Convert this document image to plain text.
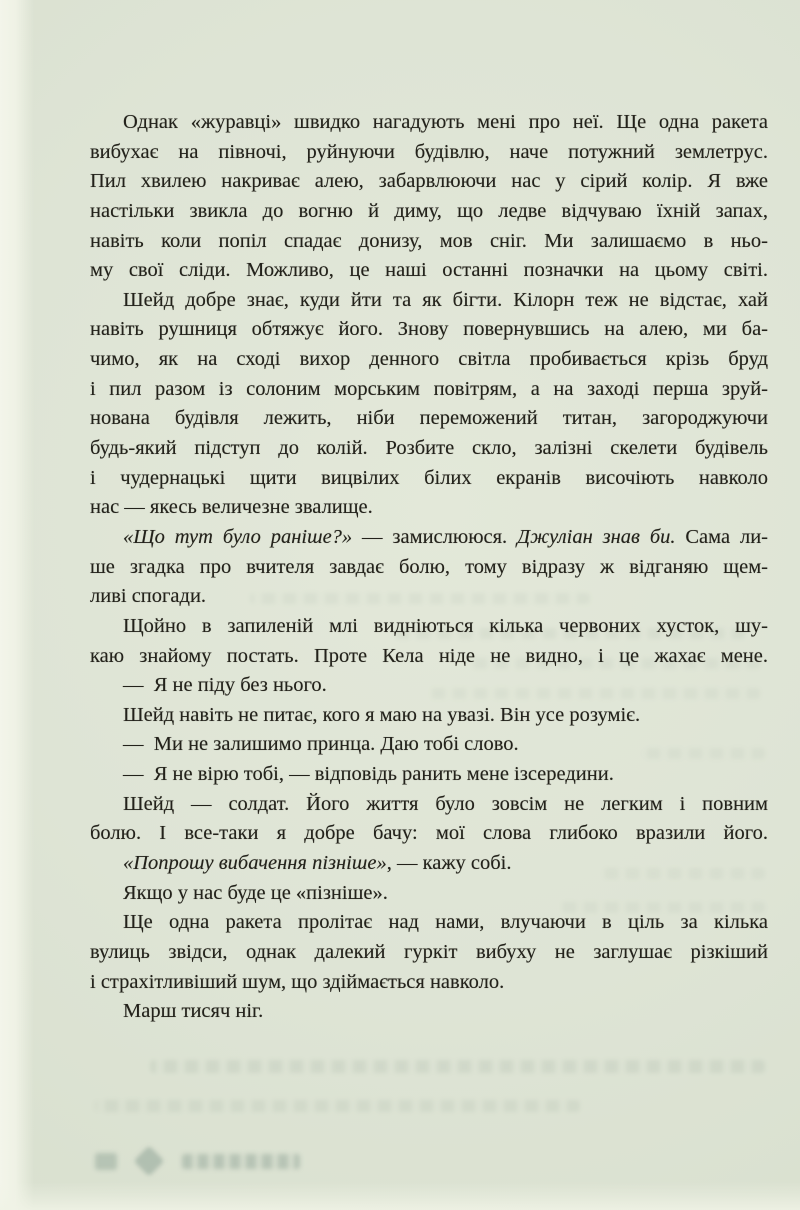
Однак «журавці» швидко нагадують мені про неї. Ще одна ракета
вибухає на півночі, руйнуючи будівлю, наче потужний землетрус.
Пил хвилею накриває алею, забарвлюючи нас у сірий колір. Я вже
настільки звикла до вогню й диму, що ледве відчуваю їхній запах,
навіть коли попіл спадає донизу, мов сніг. Ми залишаємо в ньо-
му свої сліди. Можливо, це наші останні позначки на цьому світі.
Шейд добре знає, куди йти та як бігти. Кілорн теж не відстає, хай
навіть рушниця обтяжує його. Знову повернувшись на алею, ми ба-
чимо, як на сході вихор денного світла пробивається крізь бруд
і пил разом із солоним морським повітрям, а на заході перша зруй-
нована будівля лежить, ніби переможений титан, загороджуючи
будь-який підступ до колій. Розбите скло, залізні скелети будівель
і чудернацькі щити вицвілих білих екранів височіють навколо
нас — якесь величезне звалище.
«Що тут було раніше?» — замислююся. Джуліан знав би. Сама ли-
ше згадка про вчителя завдає болю, тому відразу ж відганяю щем-
ливі спогади.
Щойно в запиленій млі видніються кілька червоних хусток, шу-
каю знайому постать. Проте Кела ніде не видно, і це жахає мене.
— Я не піду без нього.
Шейд навіть не питає, кого я маю на увазі. Він усе розуміє.
— Ми не залишимо принца. Даю тобі слово.
— Я не вірю тобі, — відповідь ранить мене ізсередини.
Шейд — солдат. Його життя було зовсім не легким і повним
болю. І все-таки я добре бачу: мої слова глибоко вразили його.
«Попрошу вибачення пізніше», — кажу собі.
Якщо у нас буде це «пізніше».
Ще одна ракета пролітає над нами, влучаючи в ціль за кілька
вулиць звідси, однак далекий гуркіт вибуху не заглушає різкіший
і страхітливіший шум, що здіймається навколо.
Марш тисяч ніг.
